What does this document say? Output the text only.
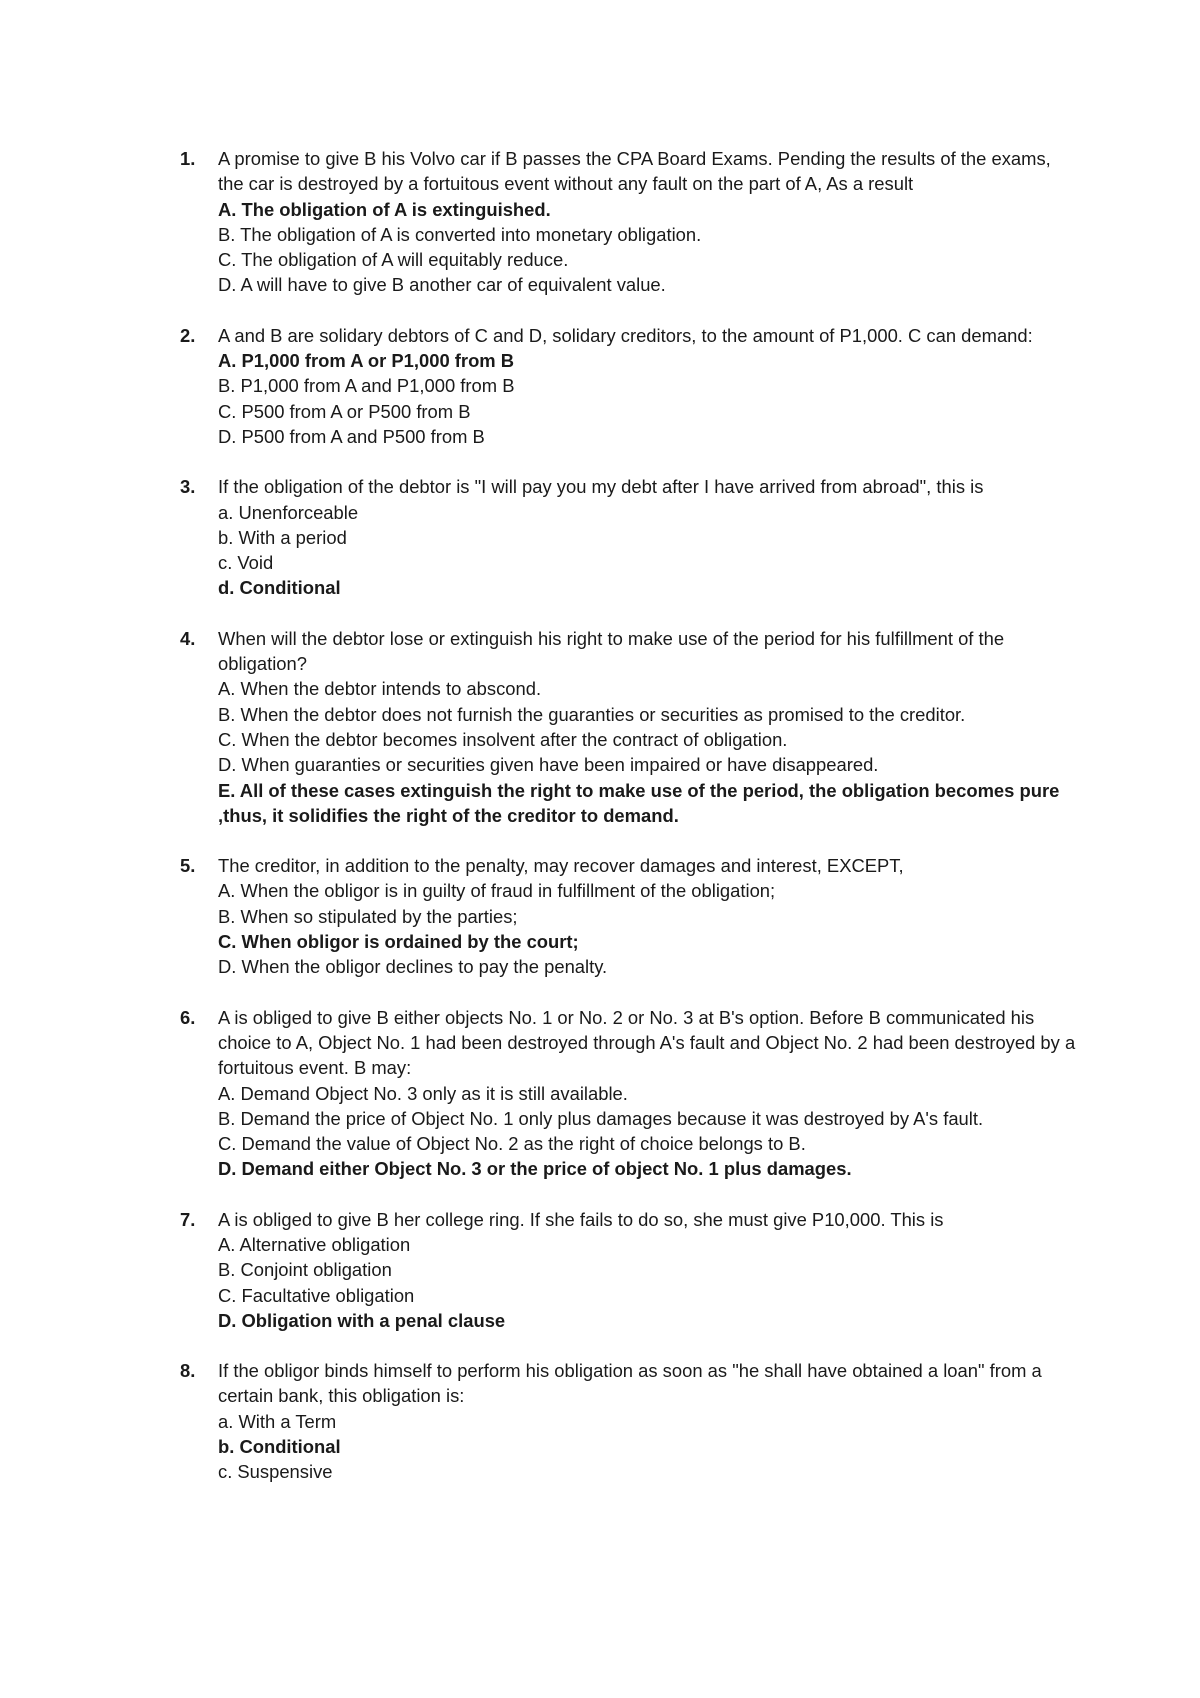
1. A promise to give B his Volvo car if B passes the CPA Board Exams. Pending the results of the exams, the car is destroyed by a fortuitous event without any fault on the part of A, As a result
A. The obligation of A is extinguished.
B. The obligation of A is converted into monetary obligation.
C. The obligation of A will equitably reduce.
D. A will have to give B another car of equivalent value.
2. A and B are solidary debtors of C and D, solidary creditors, to the amount of P1,000. C can demand:
A. P1,000 from A or P1,000 from B
B. P1,000 from A and P1,000 from B
C. P500 from A or P500 from B
D. P500 from A and P500 from B
3. If the obligation of the debtor is "I will pay you my debt after I have arrived from abroad", this is
a. Unenforceable
b. With a period
c. Void
d. Conditional
4. When will the debtor lose or extinguish his right to make use of the period for his fulfillment of the obligation?
A. When the debtor intends to abscond.
B. When the debtor does not furnish the guaranties or securities as promised to the creditor.
C. When the debtor becomes insolvent after the contract of obligation.
D. When guaranties or securities given have been impaired or have disappeared.
E. All of these cases extinguish the right to make use of the period, the obligation becomes pure ,thus, it solidifies the right of the creditor to demand.
5. The creditor, in addition to the penalty, may recover damages and interest, EXCEPT,
A. When the obligor is in guilty of fraud in fulfillment of the obligation;
B. When so stipulated by the parties;
C. When obligor is ordained by the court;
D. When the obligor declines to pay the penalty.
6. A is obliged to give B either objects No. 1 or No. 2 or No. 3 at B's option. Before B communicated his choice to A, Object No. 1 had been destroyed through A's fault and Object No. 2 had been destroyed by a fortuitous event. B may:
A. Demand Object No. 3 only as it is still available.
B. Demand the price of Object No. 1 only plus damages because it was destroyed by A's fault.
C. Demand the value of Object No. 2 as the right of choice belongs to B.
D. Demand either Object No. 3 or the price of object No. 1 plus damages.
7. A is obliged to give B her college ring. If she fails to do so, she must give P10,000. This is
A. Alternative obligation
B. Conjoint obligation
C. Facultative obligation
D. Obligation with a penal clause
8. If the obligor binds himself to perform his obligation as soon as "he shall have obtained a loan" from a certain bank, this obligation is:
a. With a Term
b. Conditional
c. Suspensive
